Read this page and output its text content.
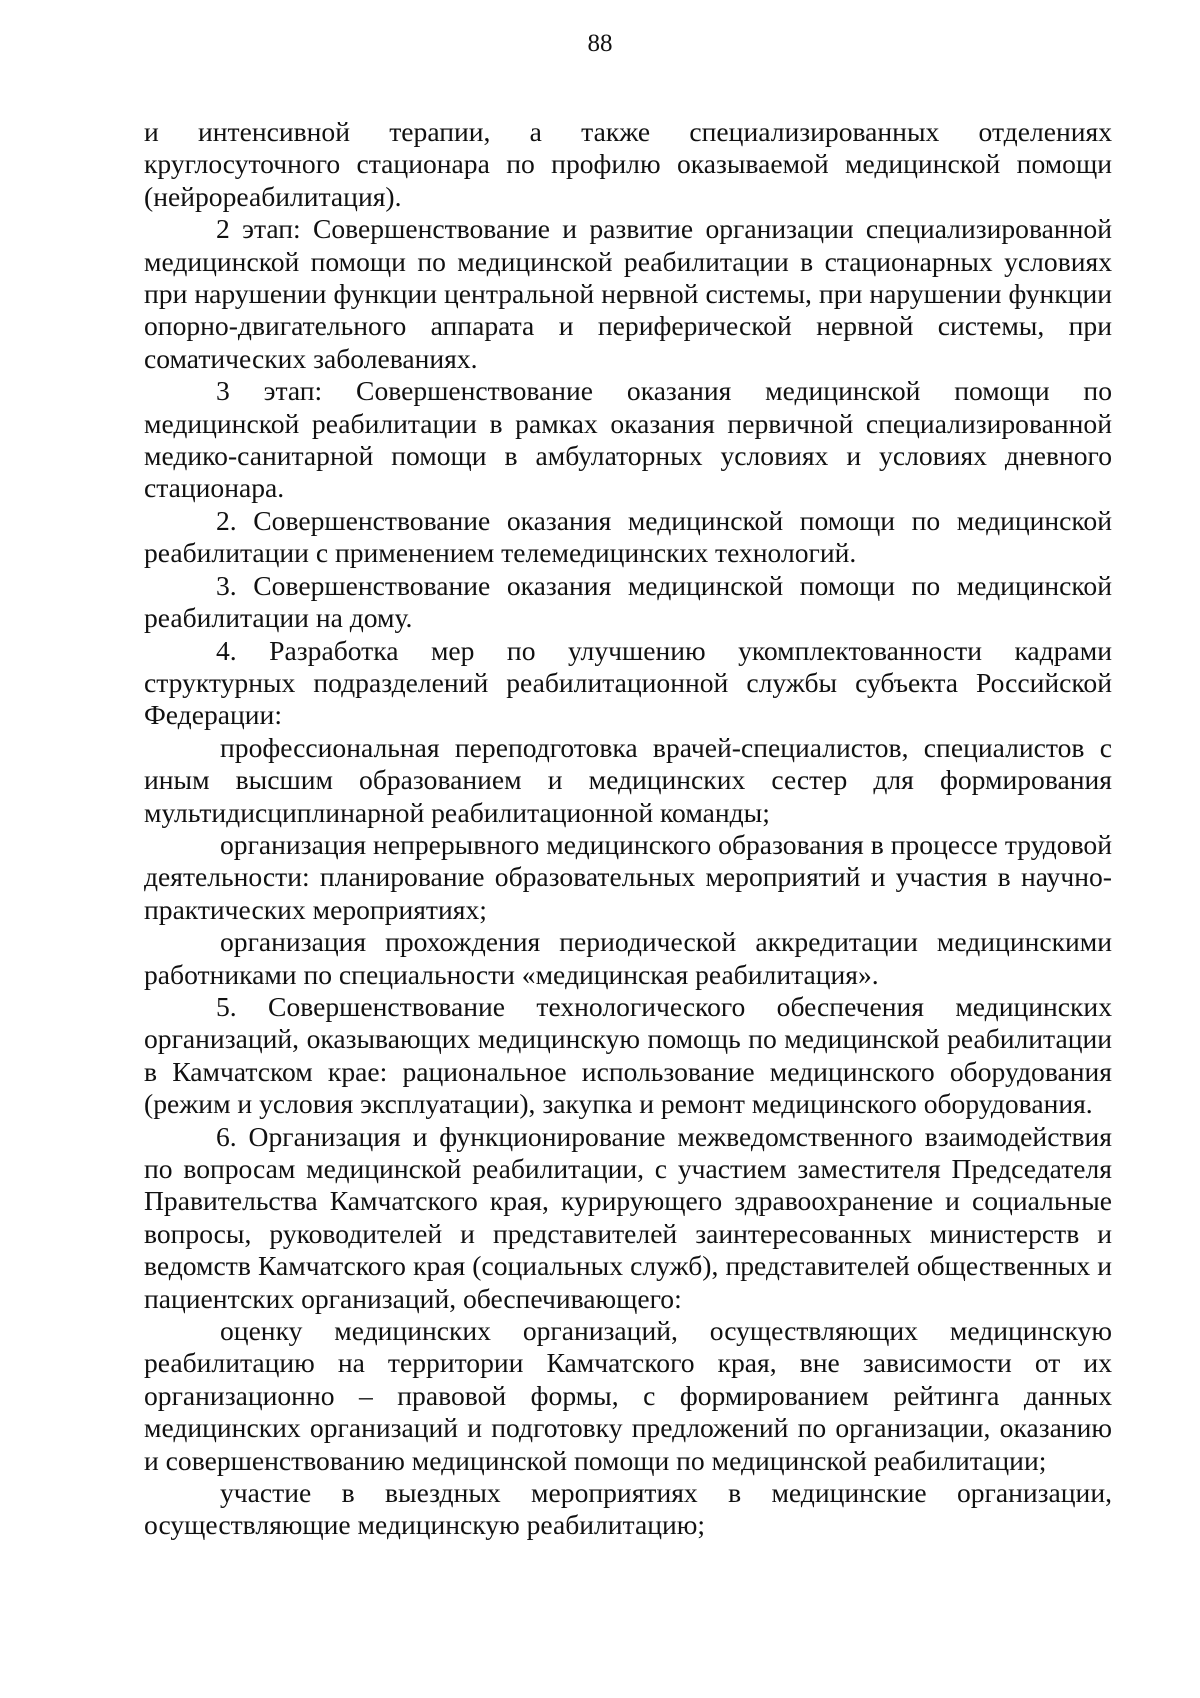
88

и интенсивной терапии, а также специализированных отделениях круглосуточного стационара по профилю оказываемой медицинской помощи (нейрореабилитация).

2 этап: Совершенствование и развитие организации специализированной медицинской помощи по медицинской реабилитации в стационарных условиях при нарушении функции центральной нервной системы, при нарушении функции опорно-двигательного аппарата и периферической нервной системы, при соматических заболеваниях.

3 этап: Совершенствование оказания медицинской помощи по медицинской реабилитации в рамках оказания первичной специализированной медико-санитарной помощи в амбулаторных условиях и условиях дневного стационара.

2. Совершенствование оказания медицинской помощи по медицинской реабилитации с применением телемедицинских технологий.

3. Совершенствование оказания медицинской помощи по медицинской реабилитации на дому.

4. Разработка мер по улучшению укомплектованности кадрами структурных подразделений реабилитационной службы субъекта Российской Федерации:

профессиональная переподготовка врачей-специалистов, специалистов с иным высшим образованием и медицинских сестер для формирования мультидисциплинарной реабилитационной команды;

организация непрерывного медицинского образования в процессе трудовой деятельности: планирование образовательных мероприятий и участия в научно-практических мероприятиях;

организация прохождения периодической аккредитации медицинскими работниками по специальности «медицинская реабилитация».

5. Совершенствование технологического обеспечения медицинских организаций, оказывающих медицинскую помощь по медицинской реабилитации в Камчатском крае: рациональное использование медицинского оборудования (режим и условия эксплуатации), закупка и ремонт медицинского оборудования.

6. Организация и функционирование межведомственного взаимодействия по вопросам медицинской реабилитации, с участием заместителя Председателя Правительства Камчатского края, курирующего здравоохранение и социальные вопросы, руководителей и представителей заинтересованных министерств и ведомств Камчатского края (социальных служб), представителей общественных и пациентских организаций, обеспечивающего:

оценку медицинских организаций, осуществляющих медицинскую реабилитацию на территории Камчатского края, вне зависимости от их организационно – правовой формы, с формированием рейтинга данных медицинских организаций и подготовку предложений по организации, оказанию и совершенствованию медицинской помощи по медицинской реабилитации;

участие в выездных мероприятиях в медицинские организации, осуществляющие медицинскую реабилитацию;
